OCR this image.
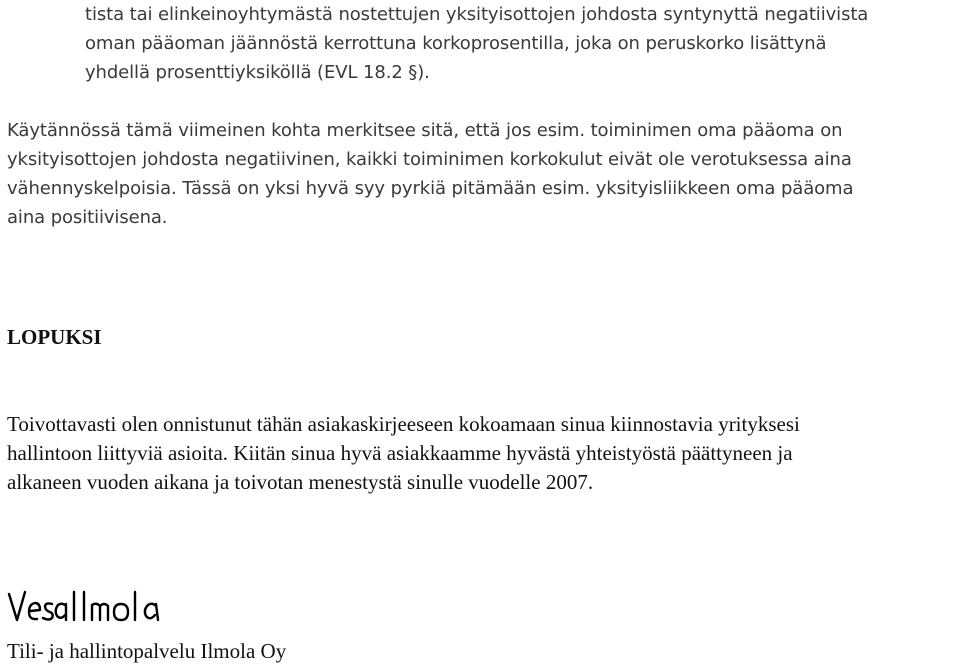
tista tai elinkeinoyhtymästä nostettujen yksityisottojen johdosta syntynyttä negatiivista
oman pääoman jäännöstä kerrottuna korkoprosentilla, joka on peruskorko lisättynä
yhdellä prosenttiyksiköllä (EVL 18.2 §).

Käytännössä tämä viimeinen kohta merkitsee sitä, että jos esim. toiminimen oma pääoma on
yksityisottojen johdosta negatiivinen, kaikki toiminimen korkokulut eivät ole verotuksessa aina
vähennyskelpoisia. Tässä on yksi hyvä syy pyrkiä pitämään esim. yksityisliikkeen oma pääoma
aina positiivisena.

LOPUKSI

Toivottavasti olen onnistunut tähän asiakaskirjeeseen kokoamaan sinua kiinnostavia yrityksesi
hallintoon liittyviä asioita. Kiitän sinua hyvä asiakkaamme hyvästä yhteistyöstä päättyneen ja
alkaneen vuoden aikana ja toivotan menestystä sinulle vuodelle 2007.

Tili- ja hallintopalvelu Ilmola Oy
